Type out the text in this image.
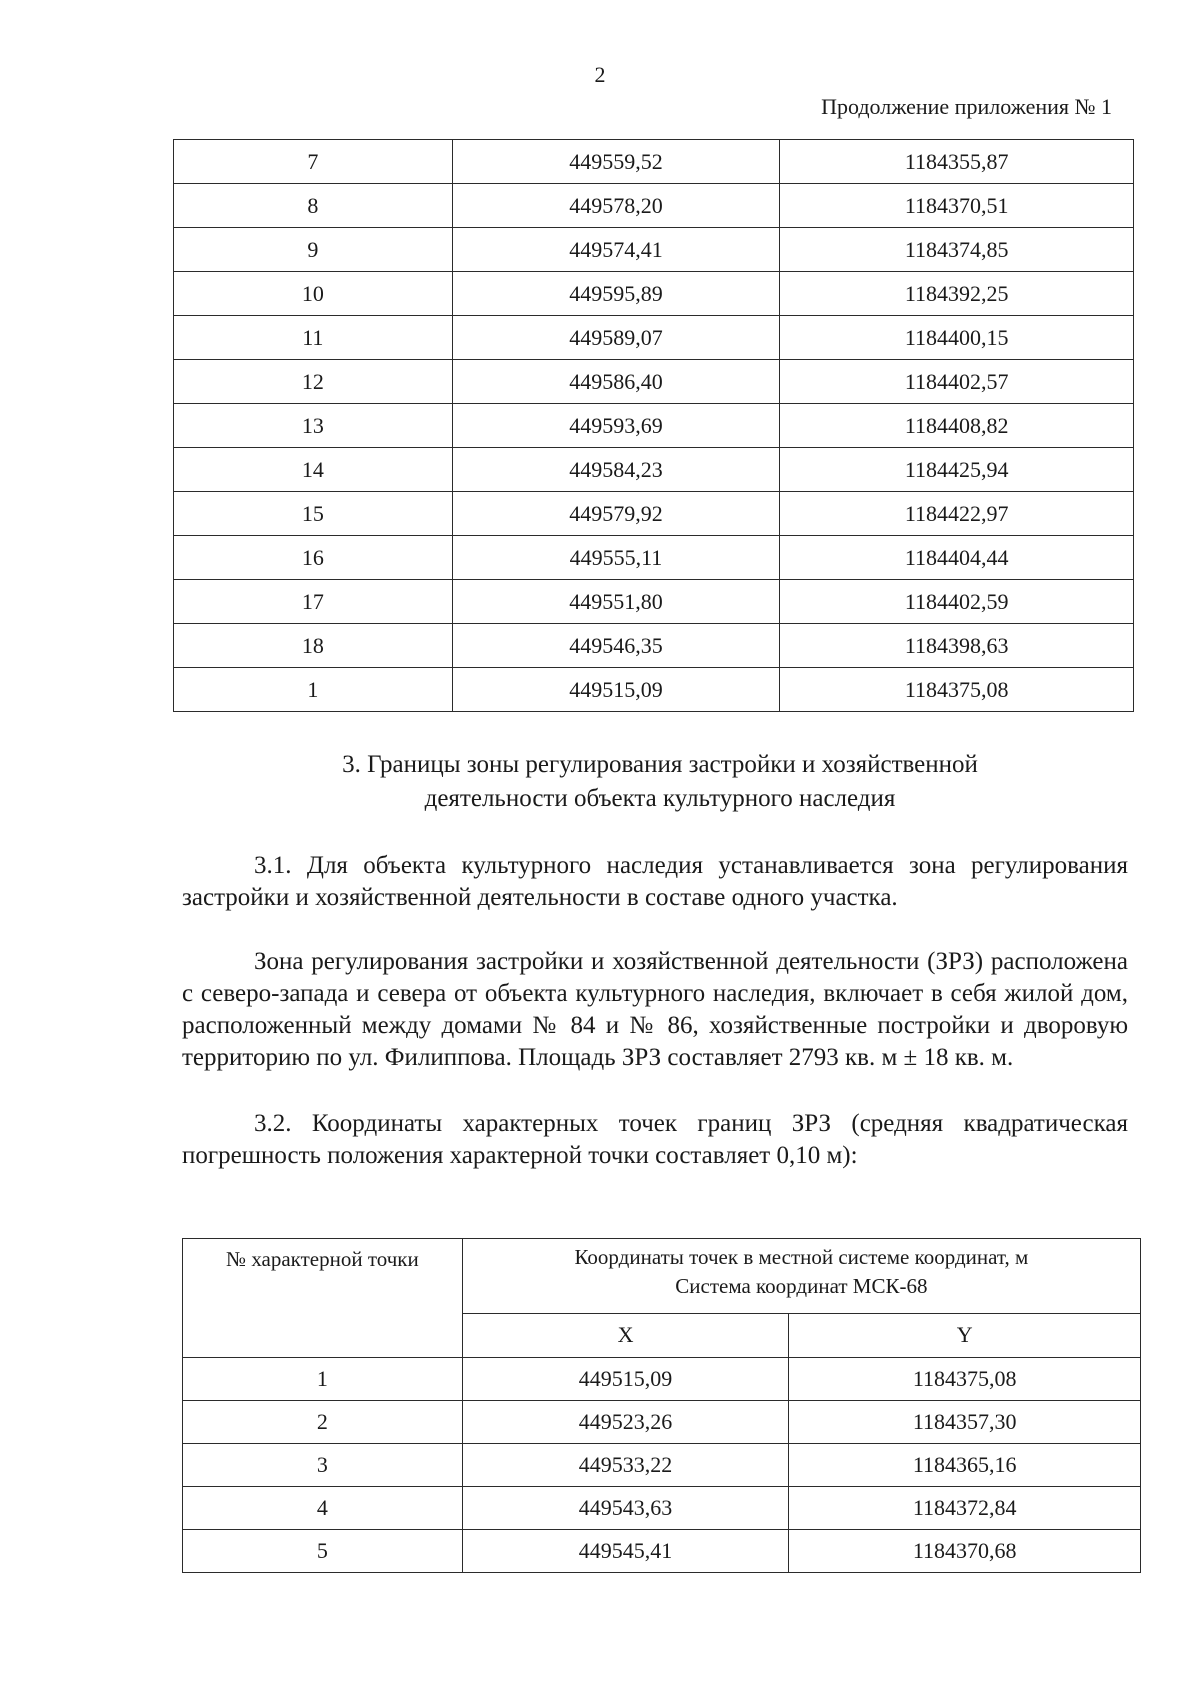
2
Продолжение приложения № 1
7	449559,52	1184355,87
8	449578,20	1184370,51
9	449574,41	1184374,85
10	449595,89	1184392,25
11	449589,07	1184400,15
12	449586,40	1184402,57
13	449593,69	1184408,82
14	449584,23	1184425,94
15	449579,92	1184422,97
16	449555,11	1184404,44
17	449551,80	1184402,59
18	449546,35	1184398,63
1	449515,09	1184375,08
3. Границы зоны регулирования застройки и хозяйственной
деятельности объекта культурного наследия

3.1. Для объекта культурного наследия устанавливается зона регулирования застройки и хозяйственной деятельности в составе одного участка.

Зона регулирования застройки и хозяйственной деятельности (ЗРЗ) расположена с северо-запада и севера от объекта культурного наследия, включает в себя жилой дом, расположенный между домами № 84 и № 86, хозяйственные постройки и дворовую территорию по ул. Филиппова. Площадь ЗРЗ составляет 2793 кв. м ± 18 кв. м.

3.2. Координаты характерных точек границ ЗРЗ (средняя квадратическая погрешность положения характерной точки составляет 0,10 м):

№ характерной точки	Координаты точек в местной системе координат, м
Система координат МСК-68	

	X	Y
1	449515,09	1184375,08
2	449523,26	1184357,30
3	449533,22	1184365,16
4	449543,63	1184372,84
5	449545,41	1184370,68
